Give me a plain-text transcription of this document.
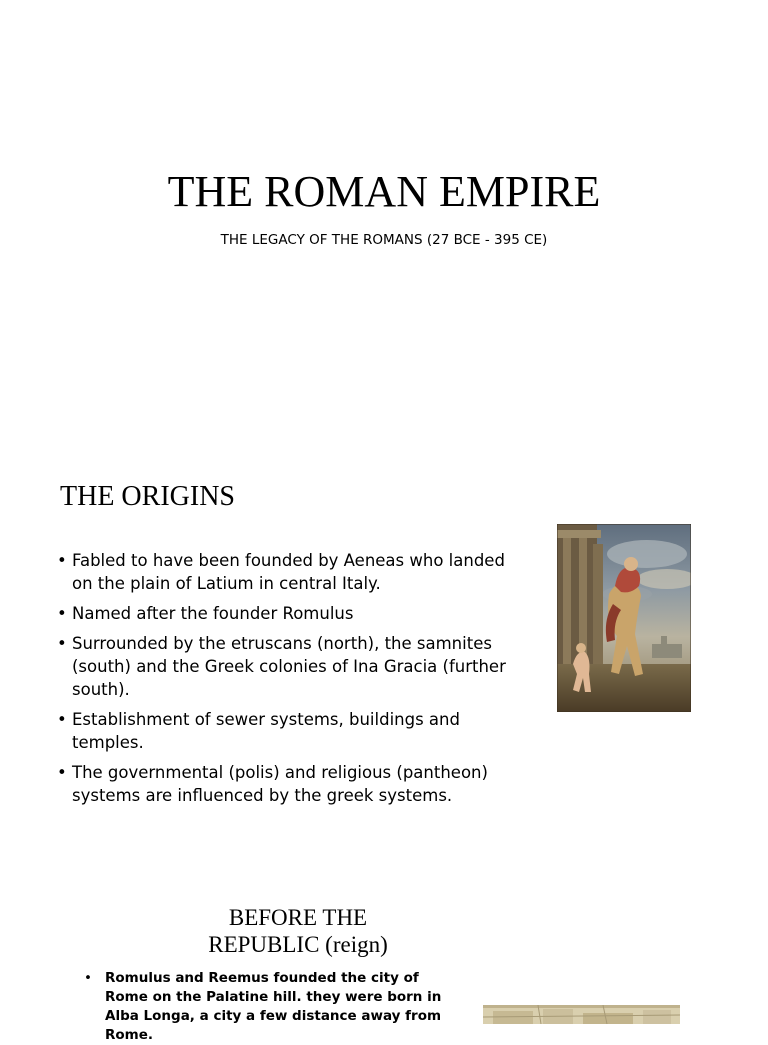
THE ROMAN EMPIRE
THE LEGACY OF THE ROMANS (27 BCE - 395 CE)
THE ORIGINS
• Fabled to have been founded by Aeneas who landed on the plain of Latium in central Italy.
• Named after the founder Romulus
• Surrounded by the etruscans (north), the samnites (south) and the Greek colonies of Ina Gracia (further south).
• Establishment of sewer systems, buildings and temples.
• The governmental (polis) and religious (pantheon) systems are influenced by the greek systems.
BEFORE THE
REPUBLIC (reign)
• Romulus and Reemus founded the city of Rome on the Palatine hill. they were born in Alba Longa, a city a few distance away from Rome.
